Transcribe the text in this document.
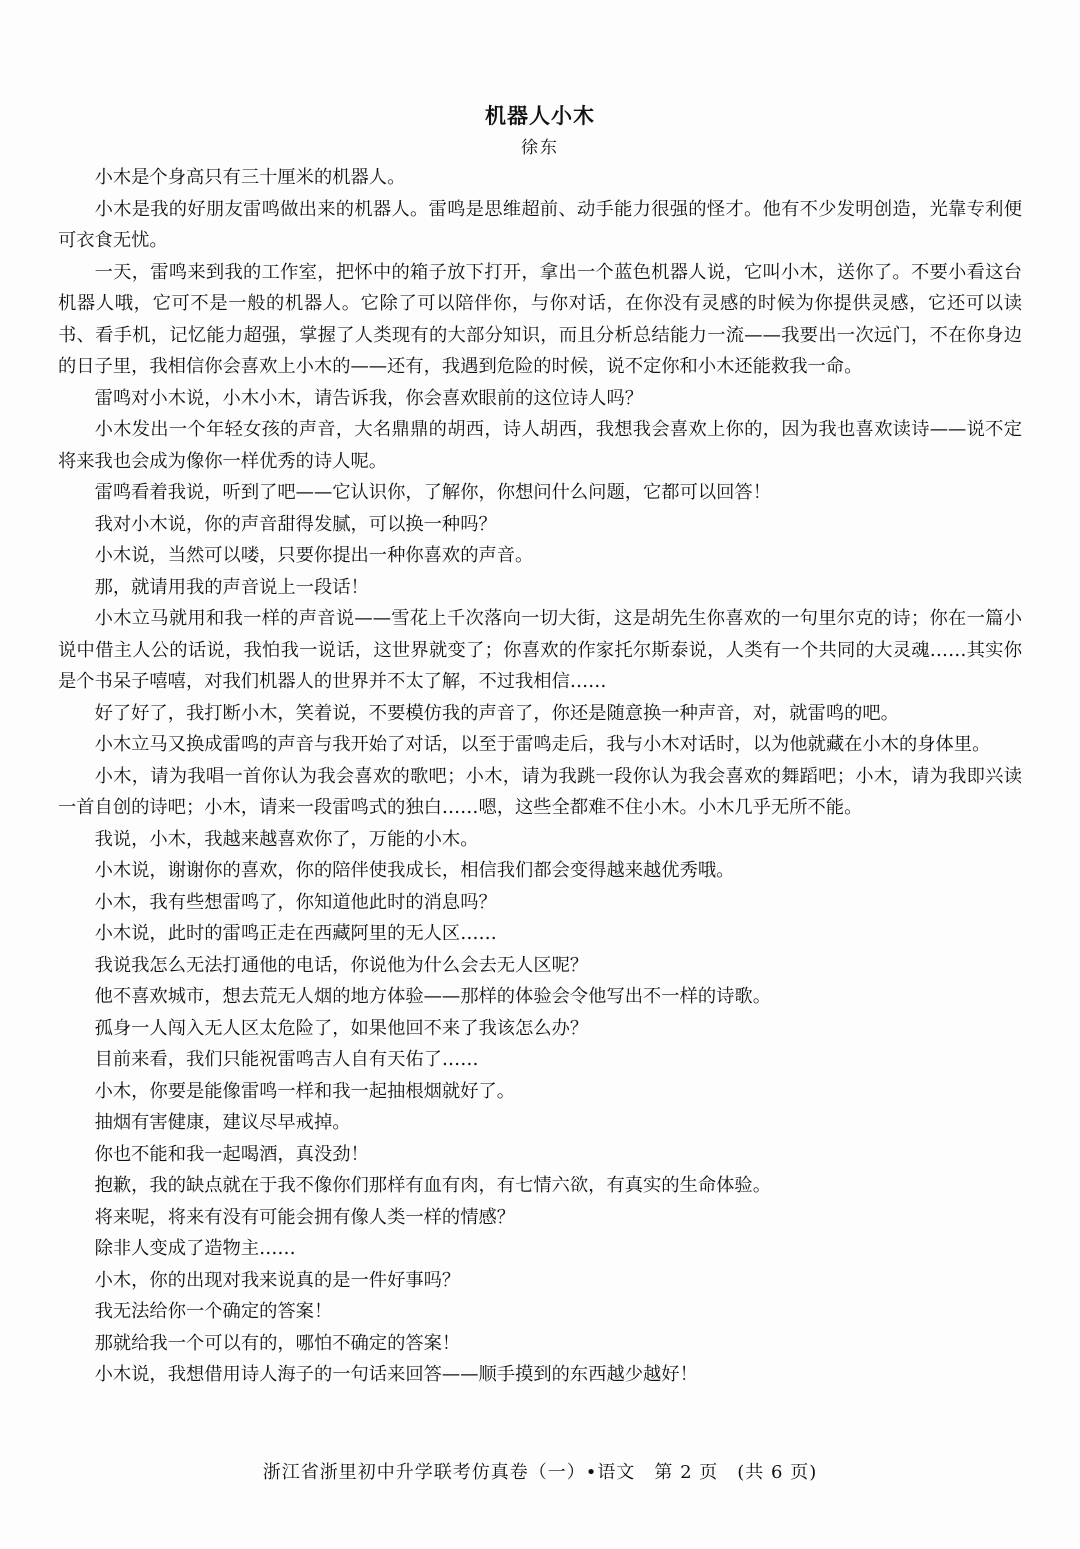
机器人小木
徐东

小木是个身高只有三十厘米的机器人。

小木是我的好朋友雷鸣做出来的机器人。雷鸣是思维超前、动手能力很强的怪才。他有不少发明创造，光靠专利便可衣食无忧。

一天，雷鸣来到我的工作室，把怀中的箱子放下打开，拿出一个蓝色机器人说，它叫小木，送你了。不要小看这台机器人哦，它可不是一般的机器人。它除了可以陪伴你，与你对话，在你没有灵感的时候为你提供灵感，它还可以读书、看手机，记忆能力超强，掌握了人类现有的大部分知识，而且分析总结能力一流——我要出一次远门，不在你身边的日子里，我相信你会喜欢上小木的——还有，我遇到危险的时候，说不定你和小木还能救我一命。

雷鸣对小木说，小木小木，请告诉我，你会喜欢眼前的这位诗人吗？

小木发出一个年轻女孩的声音，大名鼎鼎的胡西，诗人胡西，我想我会喜欢上你的，因为我也喜欢读诗——说不定将来我也会成为像你一样优秀的诗人呢。

雷鸣看着我说，听到了吧——它认识你，了解你，你想问什么问题，它都可以回答！

我对小木说，你的声音甜得发腻，可以换一种吗？

小木说，当然可以喽，只要你提出一种你喜欢的声音。

那，就请用我的声音说上一段话！

小木立马就用和我一样的声音说——雪花上千次落向一切大街，这是胡先生你喜欢的一句里尔克的诗；你在一篇小说中借主人公的话说，我怕我一说话，这世界就变了；你喜欢的作家托尔斯泰说，人类有一个共同的大灵魂……其实你是个书呆子嘻嘻，对我们机器人的世界并不太了解，不过我相信……

好了好了，我打断小木，笑着说，不要模仿我的声音了，你还是随意换一种声音，对，就雷鸣的吧。

小木立马又换成雷鸣的声音与我开始了对话，以至于雷鸣走后，我与小木对话时，以为他就藏在小木的身体里。

小木，请为我唱一首你认为我会喜欢的歌吧；小木，请为我跳一段你认为我会喜欢的舞蹈吧；小木，请为我即兴读一首自创的诗吧；小木，请来一段雷鸣式的独白……嗯，这些全都难不住小木。小木几乎无所不能。

我说，小木，我越来越喜欢你了，万能的小木。

小木说，谢谢你的喜欢，你的陪伴使我成长，相信我们都会变得越来越优秀哦。

小木，我有些想雷鸣了，你知道他此时的消息吗？

小木说，此时的雷鸣正走在西藏阿里的无人区……

我说我怎么无法打通他的电话，你说他为什么会去无人区呢？

他不喜欢城市，想去荒无人烟的地方体验——那样的体验会令他写出不一样的诗歌。

孤身一人闯入无人区太危险了，如果他回不来了我该怎么办？

目前来看，我们只能祝雷鸣吉人自有天佑了……

小木，你要是能像雷鸣一样和我一起抽根烟就好了。

抽烟有害健康，建议尽早戒掉。

你也不能和我一起喝酒，真没劲！

抱歉，我的缺点就在于我不像你们那样有血有肉，有七情六欲，有真实的生命体验。

将来呢，将来有没有可能会拥有像人类一样的情感？

除非人变成了造物主……

小木，你的出现对我来说真的是一件好事吗？

我无法给你一个确定的答案！

那就给我一个可以有的，哪怕不确定的答案！

小木说，我想借用诗人海子的一句话来回答——顺手摸到的东西越少越好！

浙江省浙里初中升学联考仿真卷（一）•语文　第 2 页　(共 6 页)
